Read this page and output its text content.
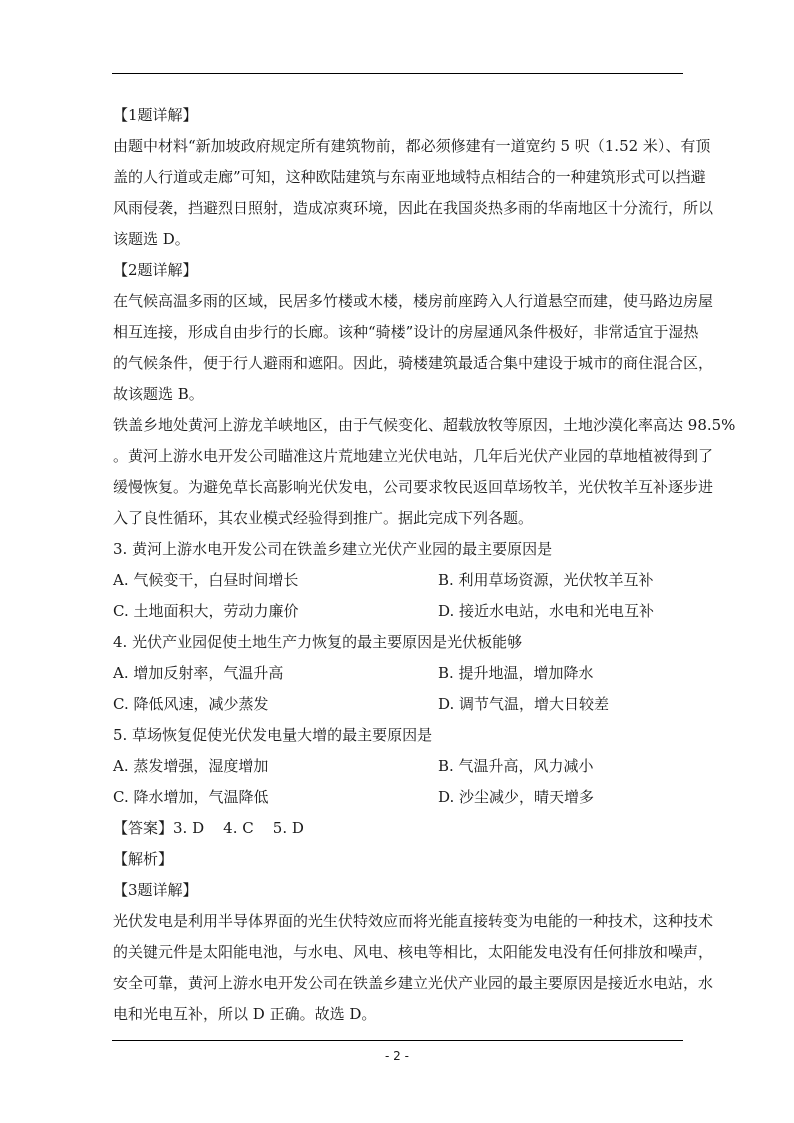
【1题详解】
由题中材料“新加坡政府规定所有建筑物前，都必须修建有一道宽约 5 呎（1.52 米）、有顶
盖的人行道或走廊”可知，这种欧陆建筑与东南亚地域特点相结合的一种建筑形式可以挡避
风雨侵袭，挡避烈日照射，造成凉爽环境，因此在我国炎热多雨的华南地区十分流行，所以
该题选 D。
【2题详解】
在气候高温多雨的区域，民居多竹楼或木楼，楼房前座跨入人行道悬空而建，使马路边房屋
相互连接，形成自由步行的长廊。该种“骑楼”设计的房屋通风条件极好，非常适宜于湿热
的气候条件，便于行人避雨和遮阳。因此，骑楼建筑最适合集中建设于城市的商住混合区，
故该题选 B。
铁盖乡地处黄河上游龙羊峡地区，由于气候变化、超载放牧等原因，土地沙漠化率高达 98.5%
。黄河上游水电开发公司瞄准这片荒地建立光伏电站，几年后光伏产业园的草地植被得到了
缓慢恢复。为避免草长高影响光伏发电，公司要求牧民返回草场牧羊，光伏牧羊互补逐步进
入了良性循环，其农业模式经验得到推广。据此完成下列各题。
3. 黄河上游水电开发公司在铁盖乡建立光伏产业园的最主要原因是
A. 气候变干，白昼时间增长	B. 利用草场资源，光伏牧羊互补
C. 土地面积大，劳动力廉价	D. 接近水电站，水电和光电互补
4. 光伏产业园促使土地生产力恢复的最主要原因是光伏板能够
A. 增加反射率，气温升高	B. 提升地温，增加降水
C. 降低风速，减少蒸发	D. 调节气温，增大日较差
5. 草场恢复促使光伏发电量大增的最主要原因是
A. 蒸发增强，湿度增加	B. 气温升高，风力减小
C. 降水增加，气温降低	D. 沙尘减少，晴天增多
【答案】3. D    4. C    5. D
【解析】
【3题详解】
光伏发电是利用半导体界面的光生伏特效应而将光能直接转变为电能的一种技术，这种技术
的关键元件是太阳能电池，与水电、风电、核电等相比，太阳能发电没有任何排放和噪声，
安全可靠，黄河上游水电开发公司在铁盖乡建立光伏产业园的最主要原因是接近水电站，水
电和光电互补，所以 D 正确。故选 D。
- 2 -
